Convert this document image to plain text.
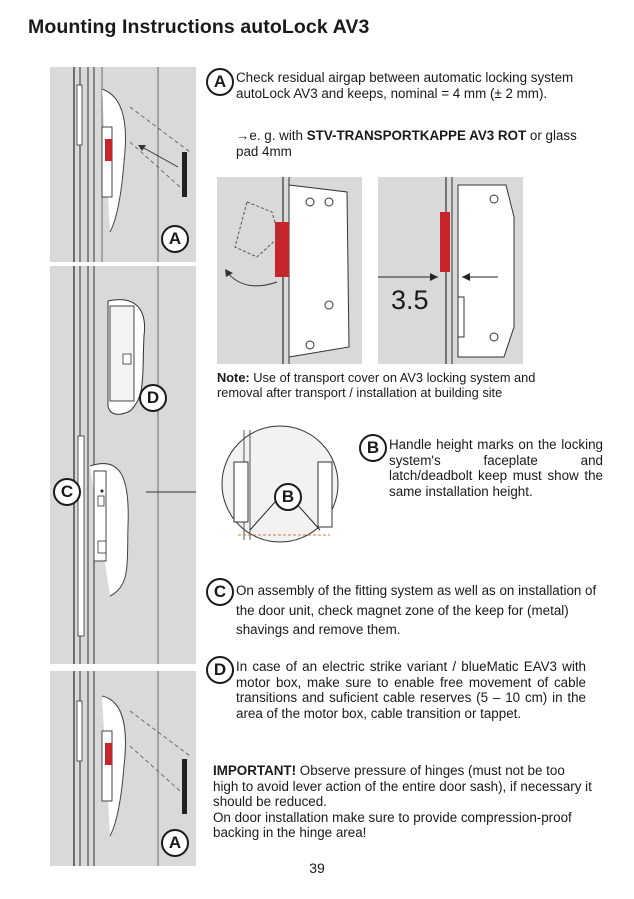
Mounting Instructions autoLock AV3
A
D
C
A
A Check residual airgap between automatic locking system autoLock AV3 and keeps, nominal = 4 mm (± 2 mm).
→e. g. with STV-TRANSPORTKAPPE AV3 ROT or glass pad 4mm
3.5
Note: Use of transport cover on AV3 locking system and removal after transport / installation at building site
B
B Handle height marks on the locking system's faceplate and latch/deadbolt keep must show the same installation height.
C On assembly of the fitting system as well as on installation of the door unit, check magnet zone of the keep for (metal) shavings and remove them.
D In case of an electric strike variant / blueMatic EAV3 with motor box, make sure to enable free movement of cable transitions and suficient cable reserves (5 – 10 cm) in the area of the motor box, cable transition or tappet.
IMPORTANT! Observe pressure of hinges (must not be too high to avoid lever action of the entire door sash), if necessary it should be reduced.
On door installation make sure to provide compression-proof backing in the hinge area!
39
